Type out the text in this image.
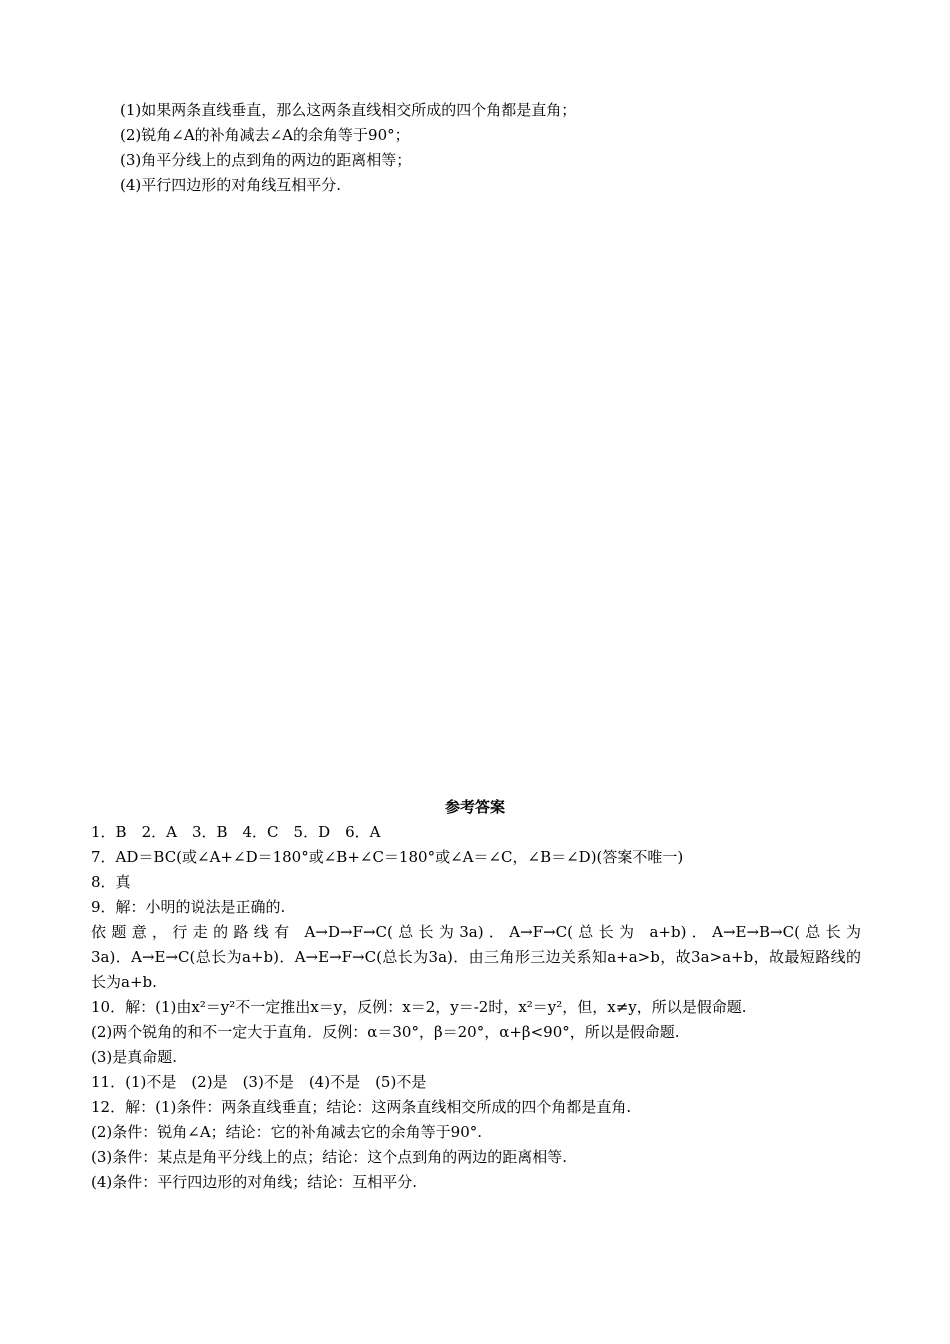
(1)如果两条直线垂直，那么这两条直线相交所成的四个角都是直角；
(2)锐角∠A的补角减去∠A的余角等于90°；
(3)角平分线上的点到角的两边的距离相等；
(4)平行四边形的对角线互相平分.
参考答案
1．B　2．A　3．B　4．C　5．D　6．A
7．AD＝BC(或∠A+∠D＝180°或∠B+∠C＝180°或∠A＝∠C，∠B＝∠D)(答案不唯一)
8．真
9．解：小明的说法是正确的.
依题意，行走的路线有 A→D→F→C(总长为3a)．A→F→C(总长为 a+b)．A→E→B→C(总长为
3a)．A→E→C(总长为a+b)．A→E→F→C(总长为3a)．由三角形三边关系知a+a>b，故3a>a+b，故最短路线的
长为a+b.
10．解：(1)由x²＝y²不一定推出x＝y，反例：x＝2，y＝-2时，x²＝y²，但，x≠y，所以是假命题.
(2)两个锐角的和不一定大于直角．反例：α＝30°，β＝20°，α+β<90°，所以是假命题.
(3)是真命题.
11．(1)不是　(2)是　(3)不是　(4)不是　(5)不是
12．解：(1)条件：两条直线垂直；结论：这两条直线相交所成的四个角都是直角.
(2)条件：锐角∠A；结论：它的补角减去它的余角等于90°.
(3)条件：某点是角平分线上的点；结论：这个点到角的两边的距离相等.
(4)条件：平行四边形的对角线；结论：互相平分.
